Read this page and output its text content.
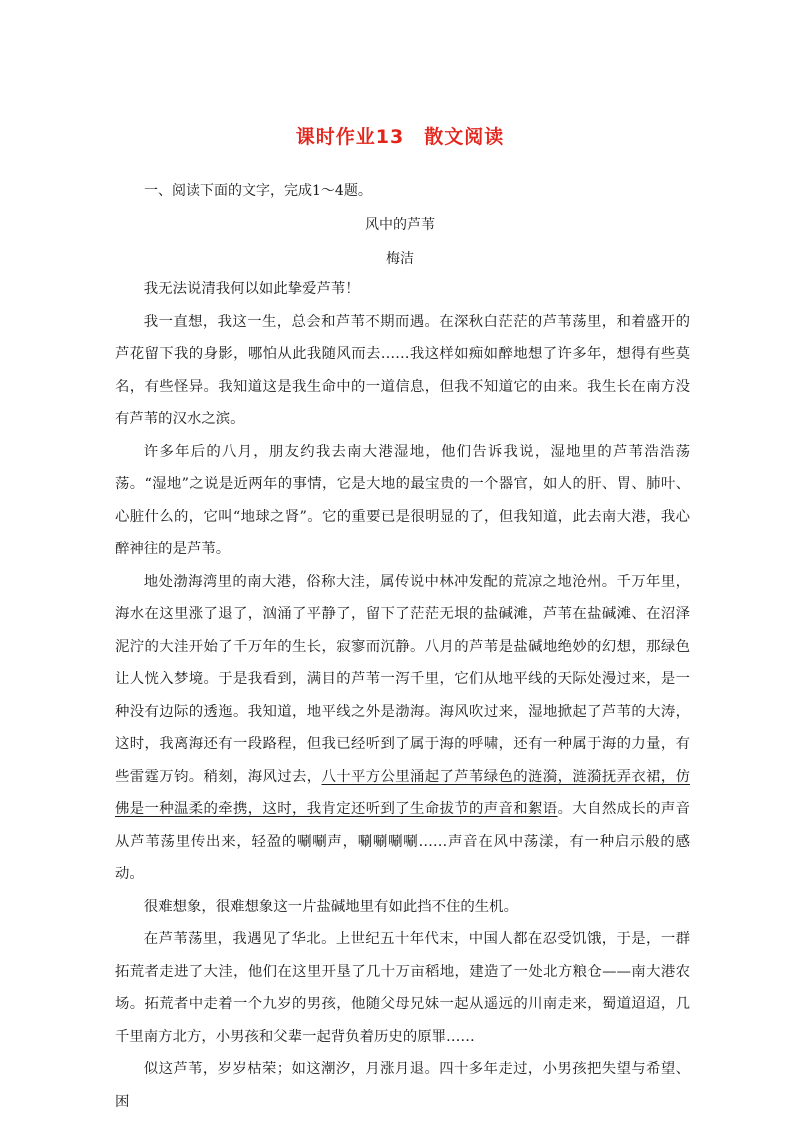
课时作业13　散文阅读

一、阅读下面的文字，完成1～4题。

风中的芦苇

梅洁

我无法说清我何以如此挚爱芦苇！

我一直想，我这一生，总会和芦苇不期而遇。在深秋白茫茫的芦苇荡里，和着盛开的芦花留下我的身影，哪怕从此我随风而去……我这样如痴如醉地想了许多年，想得有些莫名，有些怪异。我知道这是我生命中的一道信息，但我不知道它的由来。我生长在南方没有芦苇的汉水之滨。

许多年后的八月，朋友约我去南大港湿地，他们告诉我说，湿地里的芦苇浩浩荡荡。“湿地”之说是近两年的事情，它是大地的最宝贵的一个器官，如人的肝、胃、肺叶、心脏什么的，它叫“地球之肾”。它的重要已是很明显的了，但我知道，此去南大港，我心醉神往的是芦苇。

地处渤海湾里的南大港，俗称大洼，属传说中林冲发配的荒凉之地沧州。千万年里，海水在这里涨了退了，汹涌了平静了，留下了茫茫无垠的盐碱滩，芦苇在盐碱滩、在沼泽泥泞的大洼开始了千万年的生长，寂寥而沉静。八月的芦苇是盐碱地绝妙的幻想，那绿色让人恍入梦境。于是我看到，满目的芦苇一泻千里，它们从地平线的天际处漫过来，是一种没有边际的透迤。我知道，地平线之外是渤海。海风吹过来，湿地掀起了芦苇的大涛，这时，我离海还有一段路程，但我已经听到了属于海的呼啸，还有一种属于海的力量，有些雷霆万钧。稍刻，海风过去，八十平方公里涌起了芦苇绿色的涟漪，涟漪抚弄衣裙，仿佛是一种温柔的牵携，这时，我肯定还听到了生命拔节的声音和絮语。大自然成长的声音从芦苇荡里传出来，轻盈的唰唰声，唰唰唰唰……声音在风中荡漾，有一种启示般的感动。

很难想象，很难想象这一片盐碱地里有如此挡不住的生机。

在芦苇荡里，我遇见了华北。上世纪五十年代末，中国人都在忍受饥饿，于是，一群拓荒者走进了大洼，他们在这里开垦了几十万亩稻地，建造了一处北方粮仓——南大港农场。拓荒者中走着一个九岁的男孩，他随父母兄妹一起从遥远的川南走来，蜀道迢迢，几千里南方北方，小男孩和父辈一起背负着历史的原罪……

似这芦苇，岁岁枯荣；如这潮汐，月涨月退。四十多年走过，小男孩把失望与希望、困
